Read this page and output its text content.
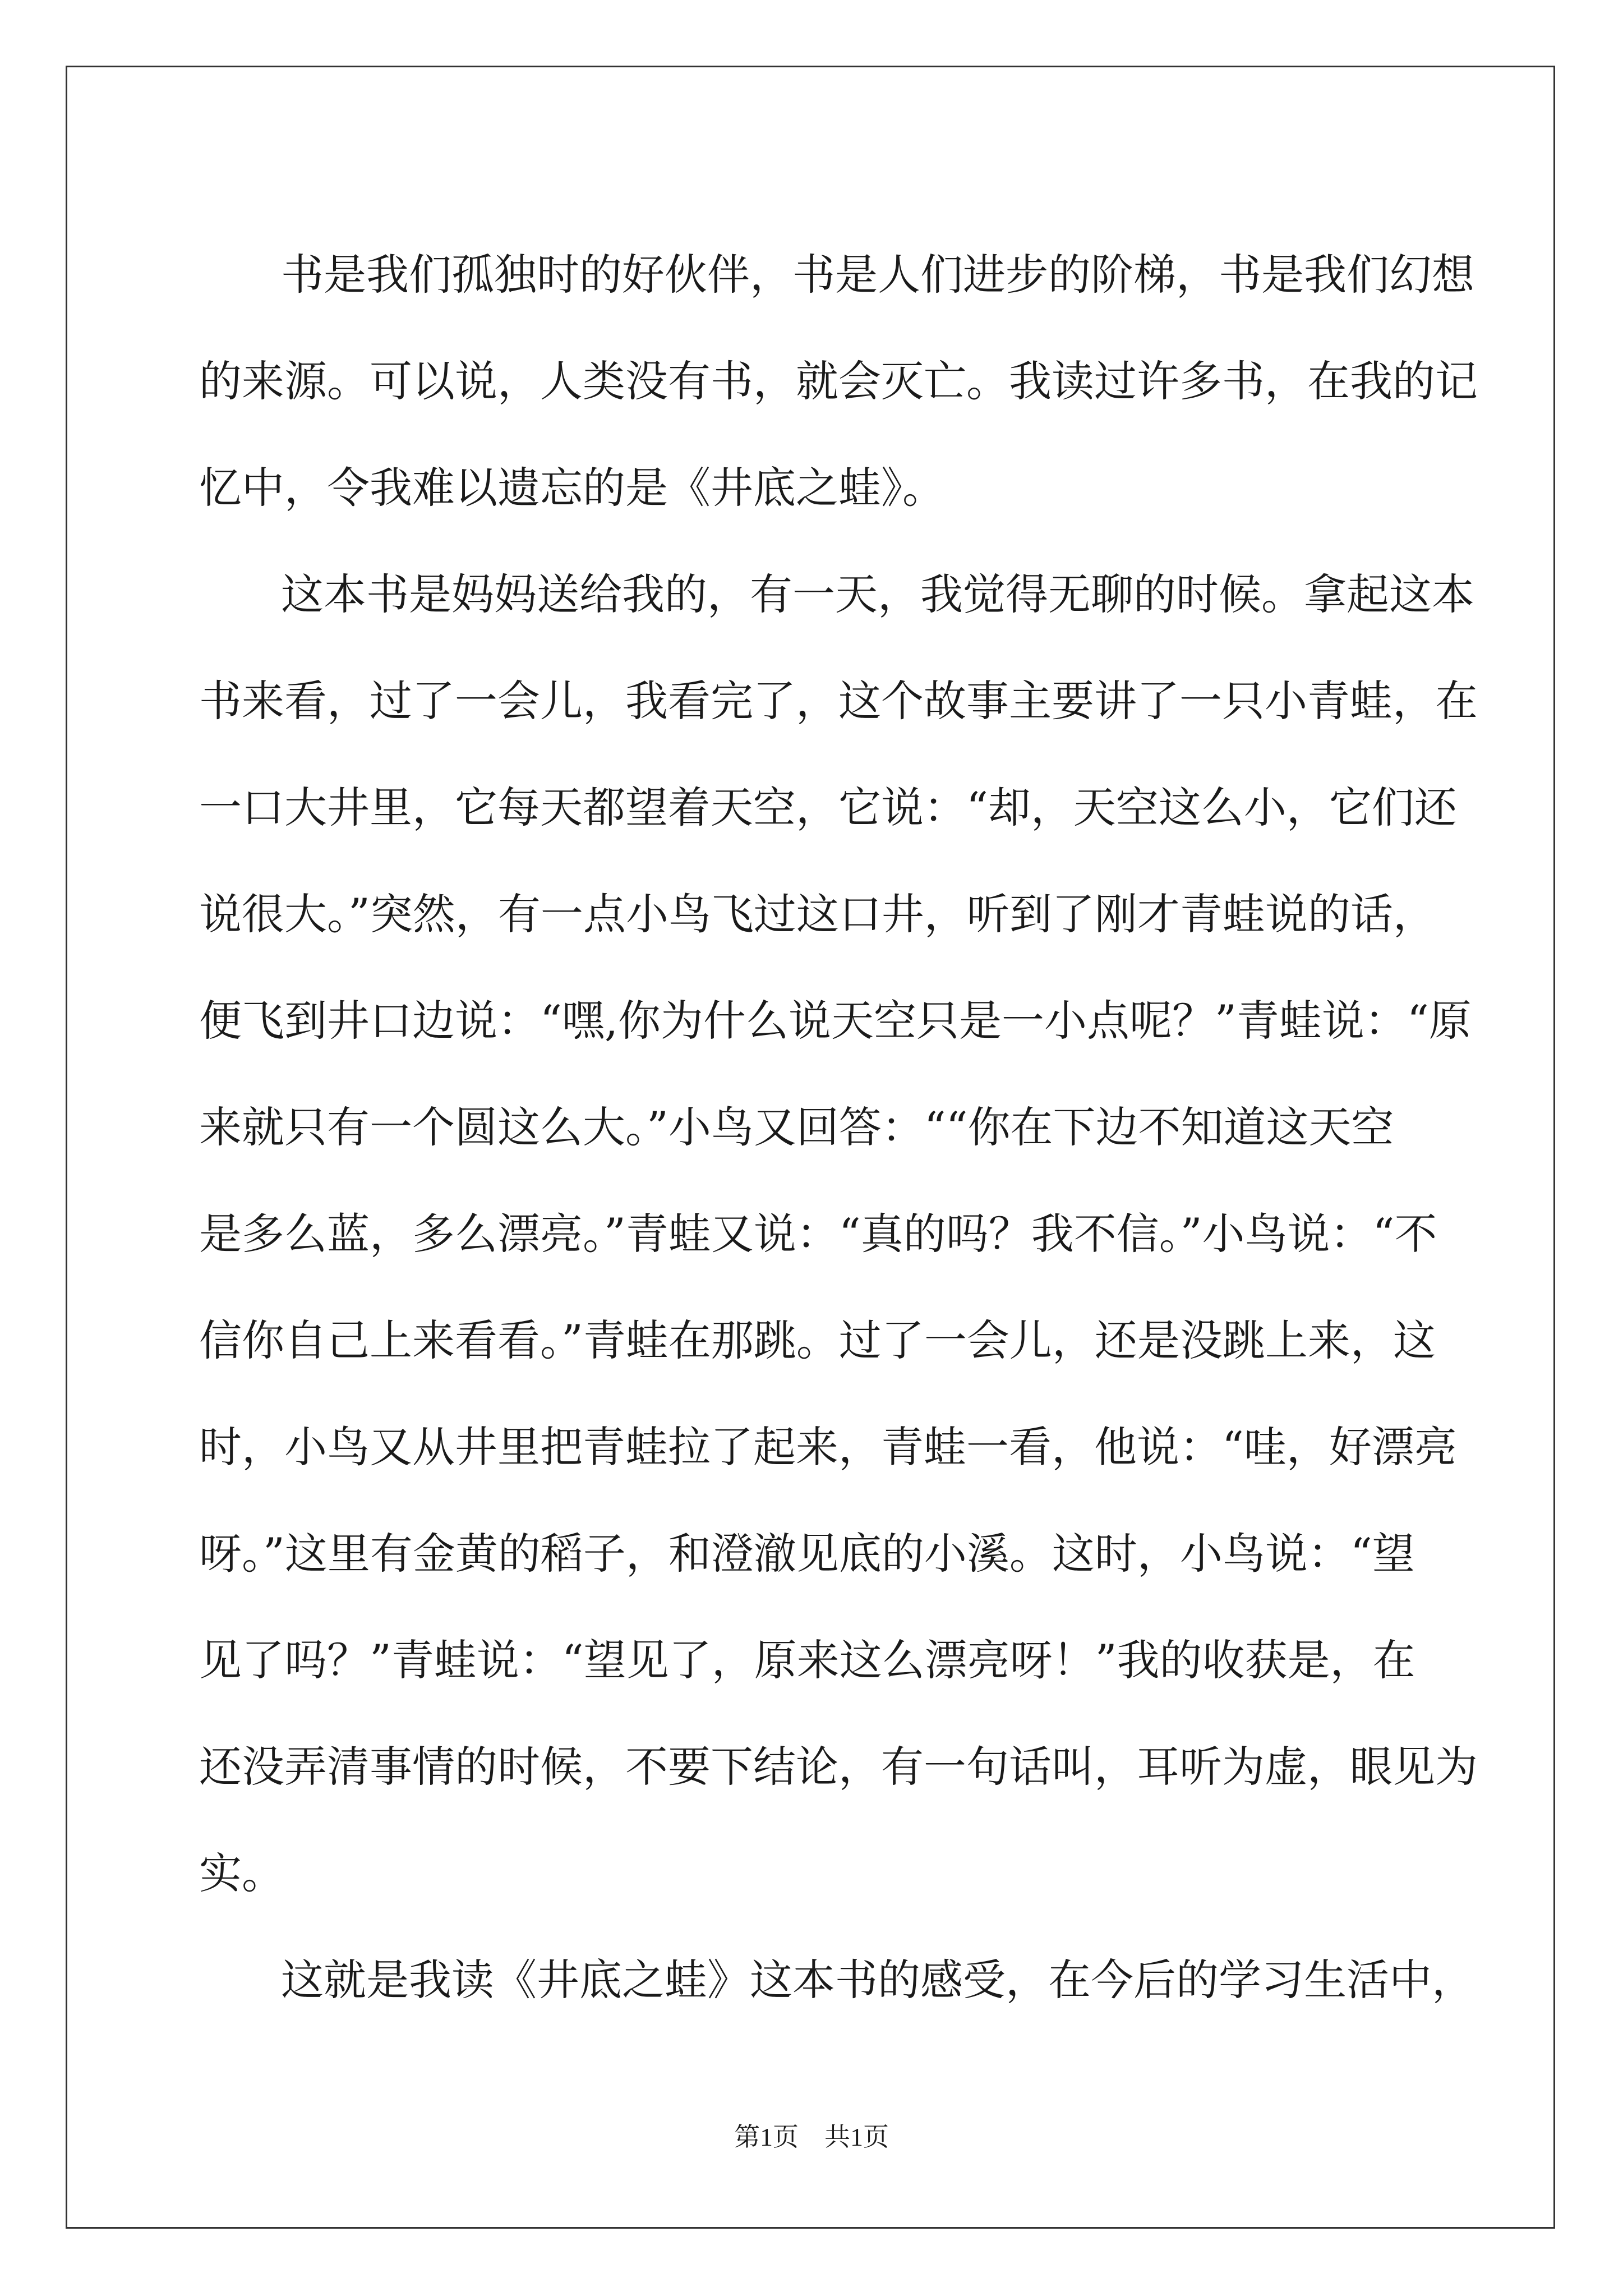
书是我们孤独时的好伙伴，书是人们进步的阶梯，书是我们幻想
的来源。可以说，人类没有书，就会灭亡。我读过许多书，在我的记
忆中，令我难以遗忘的是《井底之蛙》。
这本书是妈妈送给我的，有一天，我觉得无聊的时候。拿起这本
书来看，过了一会儿，我看完了，这个故事主要讲了一只小青蛙，在
一口大井里，它每天都望着天空，它说：“却，天空这么小，它们还
说很大。”突然，有一点小鸟飞过这口井，听到了刚才青蛙说的话，
便飞到井口边说：“嘿,你为什么说天空只是一小点呢？”青蛙说：“原
来就只有一个圆这么大。”小鸟又回答：““你在下边不知道这天空
是多么蓝，多么漂亮。”青蛙又说：“真的吗？我不信。”小鸟说：“不
信你自己上来看看。”青蛙在那跳。过了一会儿，还是没跳上来，这
时，小鸟又从井里把青蛙拉了起来，青蛙一看，他说：“哇，好漂亮
呀。”这里有金黄的稻子，和澄澈见底的小溪。这时，小鸟说：“望
见了吗？”青蛙说：“望见了，原来这么漂亮呀！”我的收获是，在
还没弄清事情的时候，不要下结论，有一句话叫，耳听为虚，眼见为
实。
这就是我读《井底之蛙》这本书的感受，在今后的学习生活中，
第1页　共1页
